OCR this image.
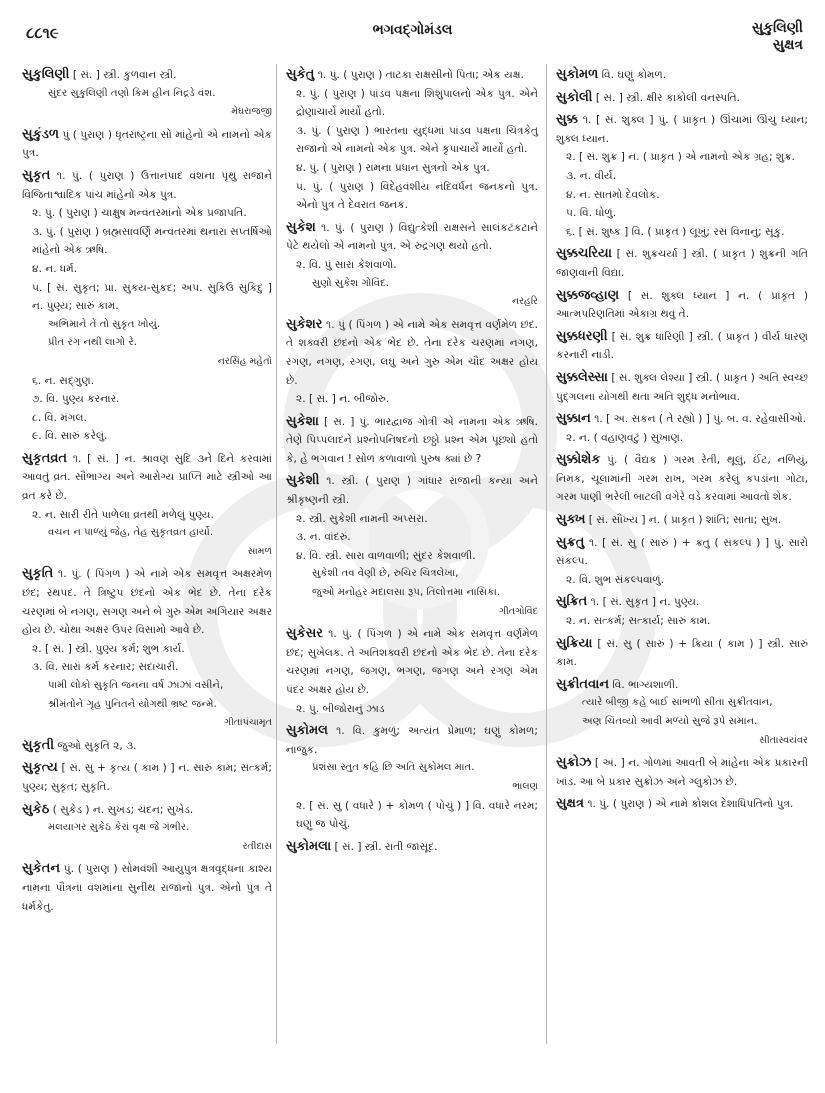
૮૮૧૯	ભગવદ્ગોમંડલ	સુકુલિણી
સુક્ષત્ર
સુકુલિણી [ સં. ] સ્ત્રી. કુળવાન સ્ત્રી.
સુંદર સુકુલિણી તણો કિમ હીન નિદ્રડે વંશ.
મેઘરાજજી
સુકુંડળ પું ( પુરાણ ) ધૃતરાષ્ટ્રના સો માંહેનો એ નામનો એક પુત્ર.
સુકૃત ૧. પું. ( પુરાણ ) ઉત્તાનપાદ વંશના પૃથુ રાજાને વિજિતાશ્વાદિક પાંચ માંહેનો એક પુત્ર.
૨. પું. ( પુરાણ ) ચાક્ષુષ મન્વંતરમાંનો એક પ્રજાપતિ.
૩. પું. ( પુરાણ ) બ્રહ્મસાવર્ણિ મન્વંતરમાં થનારા સપ્તર્ષિઓ માંહેનો એક ઋષિ.
૪. ન. ધર્મ.
૫. [ સં. સુકૃત; પ્રા. સુકય-સુકદ; અપ. સુકિઉ સુકિદુ ] ન. પુણ્ય; સારું કામ.
અભિમાને તેં તો સુકૃત ખોયું.
પ્રીત રંગ નથી લાગો રે.
નરસિંહ મહેતો
૬. ન. સદ્ગુણ.
૭. વિ. પુણ્ય કરનાર.
૮. વિ. મંગલ.
૯. વિ. સારું કરેલું.
સુકૃતવ્રત ૧. [ સં. ] ન. શ્રાવણ સુદિ ૩ને દિને કરવામાં આવતું વ્રત. સૌભાગ્ય અને આરોગ્ય પ્રાપ્તિ માટે સ્ત્રીઓ આ વ્રત કરે છે.
૨. ન. સારી રીતે પાળેલા વ્રતથી મળેલું પુણ્ય.
વચન ન પાળ્યું જેહ, તેહ સુકૃતવ્રત હાર્યો.
સામળ
સુકૃતિ ૧. પું. ( પિંગળ ) એ નામે એક સમવૃત્ત અક્ષરમેળ છંદ; રથપદ. તે ત્રિષ્ટુપ છંદનો એક ભેદ છે. તેના દરેક ચરણમાં બે નગણ, સગણ અને બે ગુરુ એમ અગિયાર અક્ષર હોય છે. ચોથા અક્ષર ઉપર વિસામો આવે છે.
૨. [ સં. ] સ્ત્રી. પુણ્ય કર્મ; શુભ કાર્ય.
૩. વિ. સારાં કર્મ કરનાર; સદાચારી.
પામી લોકો સુકૃતિ જનના વર્ષ ઝાઝાં વસીને,
શ્રીમંતોને ગૃહ પુનિતને યોગથી ભ્રષ્ટ જન્મે.
ગીતાપંચામૃત
સુકૃતી જુઓ સુકૃતિ ૨, ૩.
સુકૃત્ય [ સં. સુ + કૃત્ય ( કામ ) ] ન. સારું કામ; સત્કર્મ; પુણ્ય; સુકૃત; સુકૃતિ.
સુકેઠ ( સુકેડ ) ન. સુખડ; ચંદન; સુખેડ.
મલયાગર સુકેઠ કેરાં વૃક્ષ જે ગંભીર.
રતીદાસ
સુકેતન પું. ( પુરાણ ) સોમવંશી આયુપુત્ર ક્ષત્રવૃદ્ધના કાશ્ય નામના પૌત્રના વંશમાંના સુનીથ રાજાનો પુત્ર. એનો પુત્ર તે ધર્મકેતુ.
સુકેતુ ૧. પું. ( પુરાણ ) તાટકા રાક્ષસીનો પિતા; એક યક્ષ.
૨. પું. ( પુરાણ ) પાંડવ પક્ષના શિશુપાલનો એક પુત્ર. એને દ્રોણાચાર્યે માર્યો હતો.
૩. પું. ( પુરાણ ) ભારતના યુદ્ધમાં પાંડવ પક્ષના ચિત્રકેતુ રાજાનો એ નામનો એક પુત્ર. એને કૃપાચાર્યે માર્યો હતો.
૪. પું. ( પુરાણ ) રામના પ્રધાન સુત્રનો એક પુત્ર.
૫. પું. ( પુરાણ ) વિદેહવંશીય નંદિવર્ધન જનકનો પુત્ર. એનો પુત્ર તે દેવરાત જનક.
સુકેશ ૧. પું. ( પુરાણ ) વિદ્યુત્કેશી રાક્ષસને સાલંકટંકટાને પેટે થયેલો એ નામનો પુત્ર. એ રુદ્રગણ થયો હતો.
૨. વિ. પું સારા કેશવાળો.
સુણો સુકેશ ગોવિંદ.
નરહરિ
સુકેશર ૧. પું ( પિંગળ ) એ નામે એક સમવૃત્ત વર્ણમેળ છંદ. તે શક્વરી છંદનો એક ભેદ છે. તેના દરેક ચરણમાં નગણ, રગણ, નગણ, રગણ, લઘુ અને ગુરુ એમ ચૌદ અક્ષર હોય છે.
૨. [ સં. ] ન. બીજોરું.
સુકેશા [ સં. ] પું. ભારદ્વાજ ગોત્રી એ નામના એક ઋષિ. તેણે પિપ્પલાદને પ્રશ્નોપનિષદનો છઠ્ઠો પ્રશ્ન એમ પૂછ્યો હતો કે, હે ભગવાન ! સોળ કળાવાળો પુરુષ ક્યાં છે ?
સુકેશી ૧. સ્ત્રી. ( પુરાણ ) ગાંધાર રાજાની કન્યા અને શ્રીકૃષ્ણની સ્ત્રી.
૨. સ્ત્રી. સુકેશી નામની અપ્સરા.
૩. ન. વાંદરું.
૪. વિ. સ્ત્રી. સારા વાળવાળી; સુંદર કેશવાળી.
સુકેશી તવ વેણી છે, રુચિર ચિત્રલેખા,
જુઓ મનોહર મદાલસા રૂપ, તિલોત્તમા નાસિકા.
ગીતગોવિંદ
સુકેસર ૧. પું. ( પિંગળ ) એ નામે એક સમવૃત્ત વર્ણમેળ છંદ; સુખેલક. તે અતિશક્વરી છંદનો એક ભેદ છે. તેના દરેક ચરણમાં નગણ, જગણ, ભગણ, જગણ અને રગણ એમ પંદર અક્ષર હોય છે.
૨. પું. બીજોરાનું ઝાડ
સુકોમલ ૧. વિ. કુમળું; અત્યંત પ્રેમાળ; ઘણું કોમળ; નાજુક.
પ્રશંસા સ્તુત કહિ છિ અતિ સુકોમલ માત.
ભાલણ
૨. [ સં. સુ ( વધારે ) + કોમળ ( પોચું ) ] વિ. વધારે નરમ; ઘણું જ પોચું.
સુકોમલા [ સં. ] સ્ત્રી. રાતી જાસૂદ.
સુકોમળ વિ. ઘણું કોમળ.
સુકોલી [ સં. ] સ્ત્રી. ક્ષીર કાકોલી વનસ્પતિ.
સુક્ક ૧. [ સં. શુક્લ ] પું. ( પ્રાકૃત ) ઊંચામાં ઊંચું ધ્યાન; શુક્લ ધ્યાન.
૨. [ સં. શુક્ર ] ન. ( પ્રાકૃત ) એ નામનો એક ગ્રહ; શુક્ર.
૩. ન. વીર્ય.
૪. ન. સાતમો દેવલોક.
૫. વિ. ધોળું.
૬. [ સં. શુષ્ક ] વિ. ( પ્રાકૃત ) લૂખું; રસ વિનાનું; સૂકું.
સુક્કચરિયા [ સં. શુક્રચર્યા ] સ્ત્રી. ( પ્રાકૃત ) શુક્રની ગતિ જાણવાની વિદ્યા.
સુક્કજવ્હાણ [ સં. શુક્લ ધ્યાન ] ન. ( પ્રાકૃત ) આત્મપરિણતિમાં એકાગ્ર થવું તે.
સુક્કધરણી [ સં. શુક્ર ધારિણી ] સ્ત્રી. ( પ્રાકૃત ) વીર્ય ધારણ કરનારી નાડી.
સુક્કલેસ્સા [ સં. શુક્લ લેશ્યા ] સ્ત્રી. ( પ્રાકૃત ) અતિ સ્વચ્છ પુદ્ગલના યોગથી થતા અતિ શુદ્ધ મનોભાવ.
સુક્કાન ૧. [ અ. સકન ( તે રહ્યો ) ] પું. બ. વ. રહેવાસીઓ.
૨. ન. ( વહાણવટું ) સુખાણ.
સુક્કોશેક પું. ( વૈદ્યક ) ગરમ રેતી, થૂલું, ઈંટ, નળિયું, નિમક, ચૂલામાંની ગરમ રાખ, ગરમ કરેલું કપડાંના ગોટા, ગરમ પાણી ભરેલી બાટલી વગેરે વડે કરવામાં આવતો શેક.
સુક્ખ [ સં. સૌખ્ય ] ન. ( પ્રાકૃત ) શાંતિ; સાતા; સુખ.
સુક્રતુ ૧. [ સં. સુ ( સારું ) + ક્રતુ ( સંકલ્પ ) ] પું. સારો સંકલ્પ.
૨. વિ. શુભ સંકલ્પવાળું.
સુક્રિત ૧. [ સં. સુકૃત ] ન. પુણ્ય.
૨. ન. સત્કર્મ; સત્કાર્ય; સારું કામ.
સુક્રિયા [ સં. સુ ( સારું ) + ક્રિયા ( કામ ) ] સ્ત્રી. સારું કામ.
સુક્રીતવાન વિ. ભાગ્યશાળી.
ત્યારે બીજી કહે બાઈ સાંભળો સીતા સુક્રીતવાન,
અણ ચિંતવ્યો આવી મળ્યો સુજે રૂપે સમાન.
સીતાસ્વયંવર
સુક્રોઝ [ અં. ] ન. ગોળમાં આવતી બે માંહેના એક પ્રકારની ખાંડ. આ બે પ્રકાર સુક્રોઝ અને ગ્લુકોઝ છે.
સુક્ષત્ર ૧. પું. ( પુરાણ ) એ નામે કોશલ દેશાધિપતિનો પુત્ર.
